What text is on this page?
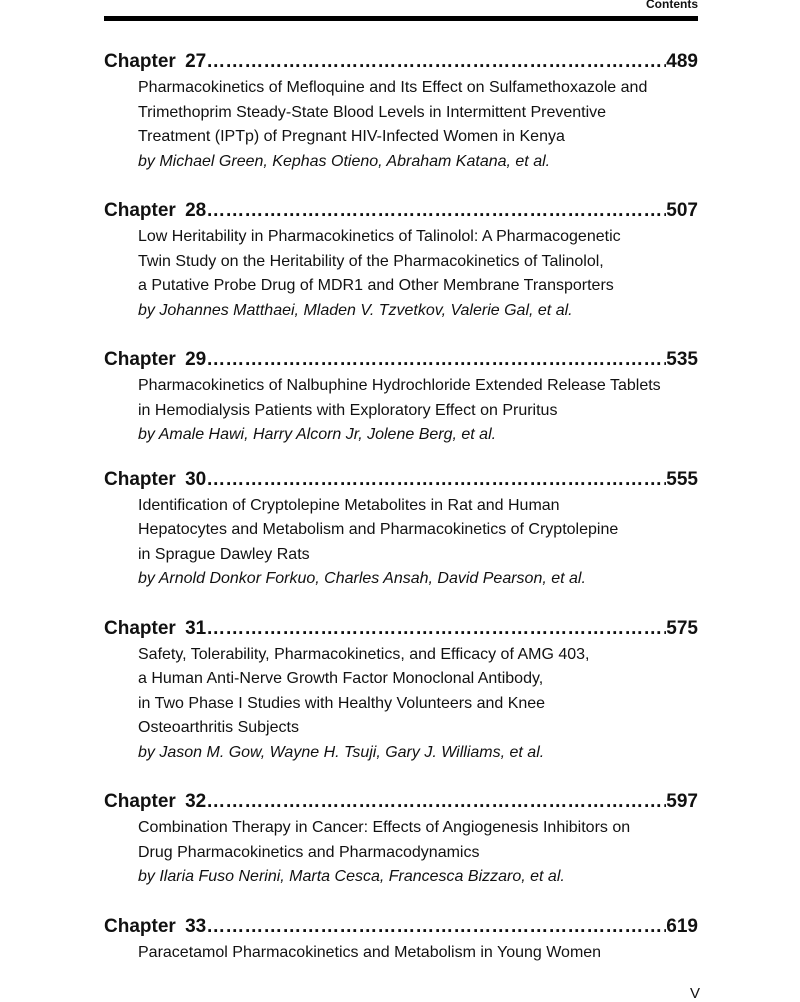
Contents
Chapter 27 …………………………………………………………………………………………………………………………………………………………	489
Pharmacokinetics of Mefloquine and Its Effect on Sulfamethoxazole and
Trimethoprim Steady-State Blood Levels in Intermittent Preventive
Treatment (IPTp) of Pregnant HIV-Infected Women in Kenya
by Michael Green, Kephas Otieno, Abraham Katana, et al.
Chapter 28 …………………………………………………………………………………………………………………………………………………………	507
Low Heritability in Pharmacokinetics of Talinolol: A Pharmacogenetic
Twin Study on the Heritability of the Pharmacokinetics of Talinolol,
a Putative Probe Drug of MDR1 and Other Membrane Transporters
by Johannes Matthaei, Mladen V. Tzvetkov, Valerie Gal, et al.
Chapter 29 …………………………………………………………………………………………………………………………………………………………	535
Pharmacokinetics of Nalbuphine Hydrochloride Extended Release Tablets
in Hemodialysis Patients with Exploratory Effect on Pruritus
by Amale Hawi, Harry Alcorn Jr, Jolene Berg, et al.
Chapter 30 …………………………………………………………………………………………………………………………………………………………	555
Identification of Cryptolepine Metabolites in Rat and Human
Hepatocytes and Metabolism and Pharmacokinetics of Cryptolepine
in Sprague Dawley Rats
by Arnold Donkor Forkuo, Charles Ansah, David Pearson, et al.
Chapter 31 …………………………………………………………………………………………………………………………………………………………	575
Safety, Tolerability, Pharmacokinetics, and Efficacy of AMG 403,
a Human Anti-Nerve Growth Factor Monoclonal Antibody,
in Two Phase I Studies with Healthy Volunteers and Knee
Osteoarthritis Subjects
by Jason M. Gow, Wayne H. Tsuji, Gary J. Williams, et al.
Chapter 32 …………………………………………………………………………………………………………………………………………………………	597
Combination Therapy in Cancer: Effects of Angiogenesis Inhibitors on
Drug Pharmacokinetics and Pharmacodynamics
by Ilaria Fuso Nerini, Marta Cesca, Francesca Bizzaro, et al.
Chapter 33 …………………………………………………………………………………………………………………………………………………………	619
Paracetamol Pharmacokinetics and Metabolism in Young Women
V
